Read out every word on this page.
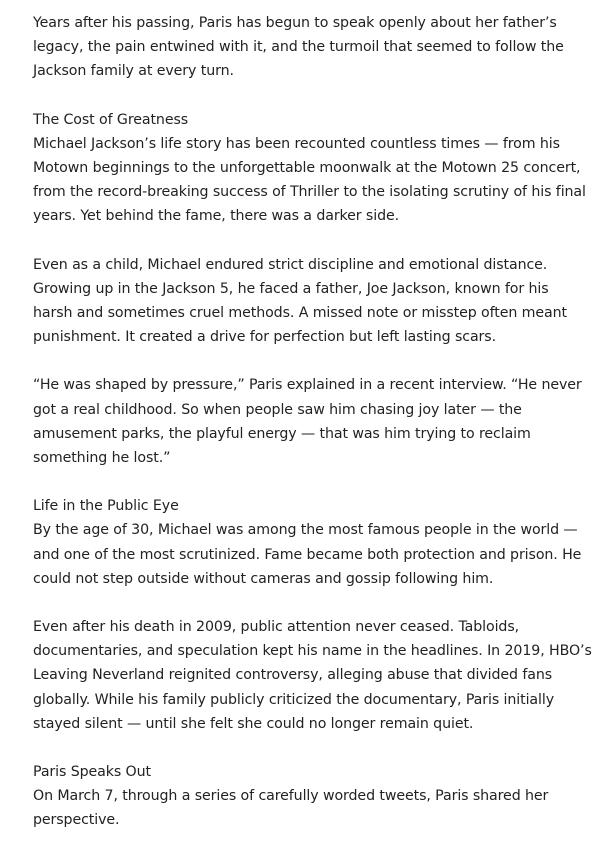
Years after his passing, Paris has begun to speak openly about her father’s
legacy, the pain entwined with it, and the turmoil that seemed to follow the
Jackson family at every turn.

The Cost of Greatness
Michael Jackson’s life story has been recounted countless times — from his
Motown beginnings to the unforgettable moonwalk at the Motown 25 concert,
from the record-breaking success of Thriller to the isolating scrutiny of his final
years. Yet behind the fame, there was a darker side.

Even as a child, Michael endured strict discipline and emotional distance.
Growing up in the Jackson 5, he faced a father, Joe Jackson, known for his
harsh and sometimes cruel methods. A missed note or misstep often meant
punishment. It created a drive for perfection but left lasting scars.

“He was shaped by pressure,” Paris explained in a recent interview. “He never
got a real childhood. So when people saw him chasing joy later — the
amusement parks, the playful energy — that was him trying to reclaim
something he lost.”

Life in the Public Eye
By the age of 30, Michael was among the most famous people in the world —
and one of the most scrutinized. Fame became both protection and prison. He
could not step outside without cameras and gossip following him.

Even after his death in 2009, public attention never ceased. Tabloids,
documentaries, and speculation kept his name in the headlines. In 2019, HBO’s
Leaving Neverland reignited controversy, alleging abuse that divided fans
globally. While his family publicly criticized the documentary, Paris initially
stayed silent — until she felt she could no longer remain quiet.

Paris Speaks Out
On March 7, through a series of carefully worded tweets, Paris shared her
perspective.
